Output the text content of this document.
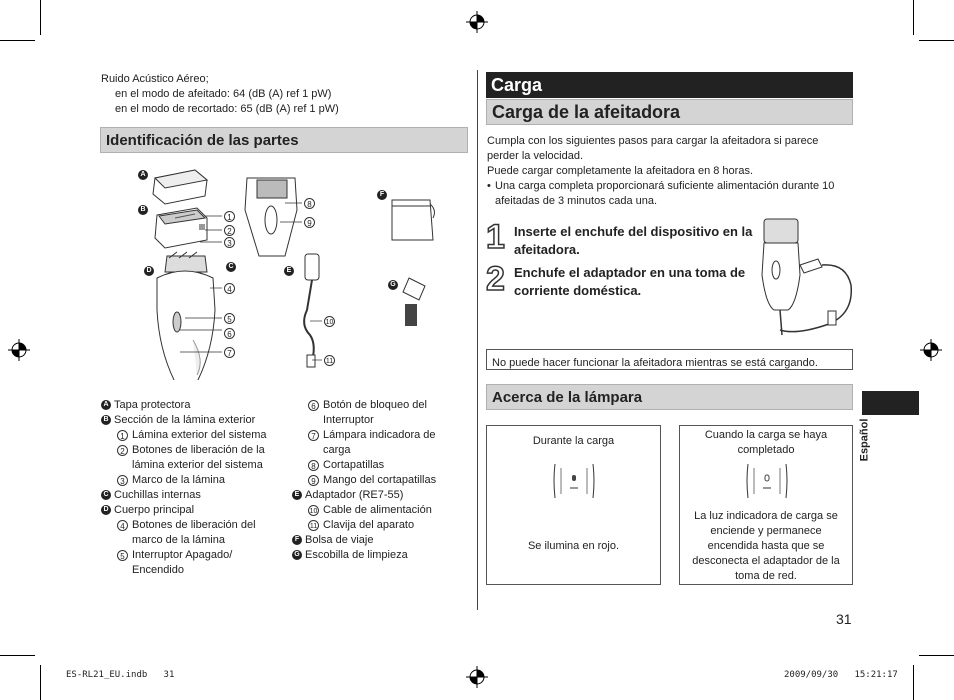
Ruido Acústico Aéreo;
en el modo de afeitado: 64 (dB (A) ref 1 pW)
en el modo de recortado: 65 (dB (A) ref 1 pW)
Identificación de las partes
A
B
C
D	E
F
G
1
2
3
4
5
6
7
8
9
10
11
A Tapa protectora
B Sección de la lámina exterior
1 Lámina exterior del sistema
2 Botones de liberación de la lámina exterior del sistema
3 Marco de la lámina
C Cuchillas internas
D Cuerpo principal
4 Botones de liberación del marco de la lámina
5 Interruptor Apagado/ Encendido
6 Botón de bloqueo del Interruptor
7 Lámpara indicadora de carga
8 Cortapatillas
9 Mango del cortapatillas
E Adaptador (RE7-55)
10 Cable de alimentación
11 Clavija del aparato
F Bolsa de viaje
G Escobilla de limpieza
Carga
Carga de la afeitadora
Cumpla con los siguientes pasos para cargar la afeitadora si parece perder la velocidad.
Puede cargar completamente la afeitadora en 8 horas.
• Una carga completa proporcionará suficiente alimentación durante 10 afeitadas de 3 minutos cada una.
1 Inserte el enchufe del dispositivo en la afeitadora.
2 Enchufe el adaptador en una toma de corriente doméstica.
No puede hacer funcionar la afeitadora mientras se está cargando.
Acerca de la lámpara
Durante la carga
Se ilumina en rojo.
Cuando la carga se haya completado
La luz indicadora de carga se enciende y permanece encendida hasta que se desconecta el adaptador de la toma de red.
Español
31
ES-RL21_EU.indb   31	2009/09/30   15:21:17
